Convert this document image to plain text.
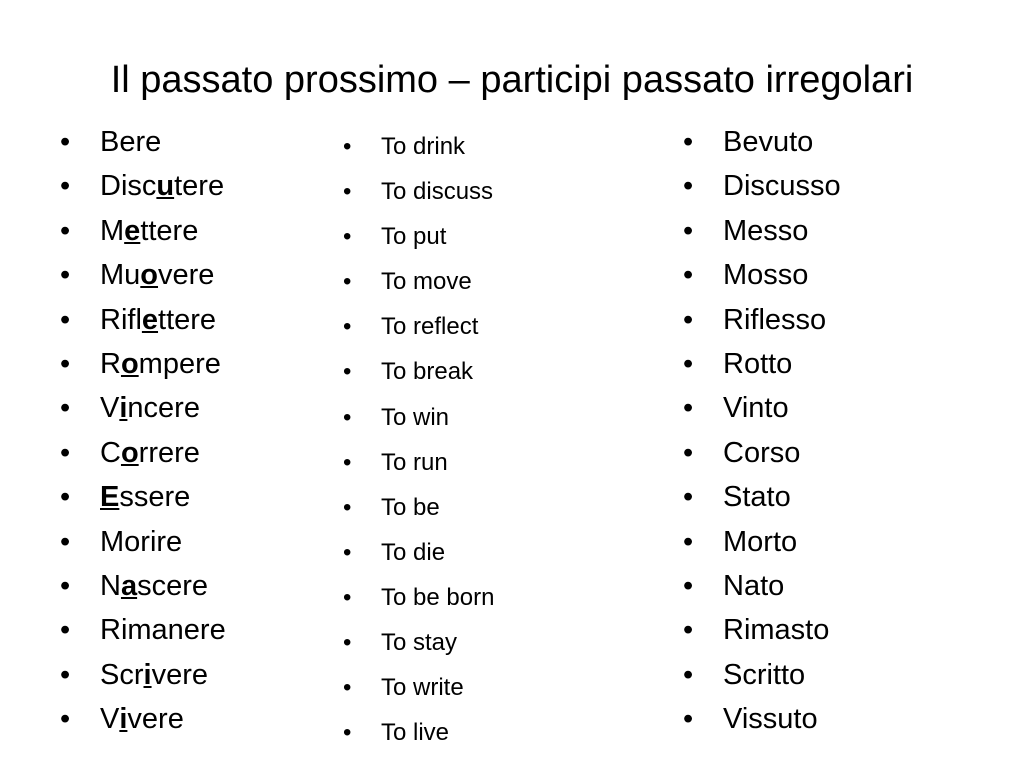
Il passato prossimo – participi passato irregolari
• Bere
• Discutere
• Mettere
• Muovere
• Riflettere
• Rompere
• Vincere
• Correre
• Essere
• Morire
• Nascere
• Rimanere
• Scrivere
• Vivere
• To drink
• To discuss
• To put
• To move
• To reflect
• To break
• To win
• To run
• To be
• To die
• To be born
• To stay
• To write
• To live
• Bevuto
• Discusso
• Messo
• Mosso
• Riflesso
• Rotto
• Vinto
• Corso
• Stato
• Morto
• Nato
• Rimasto
• Scritto
• Vissuto
